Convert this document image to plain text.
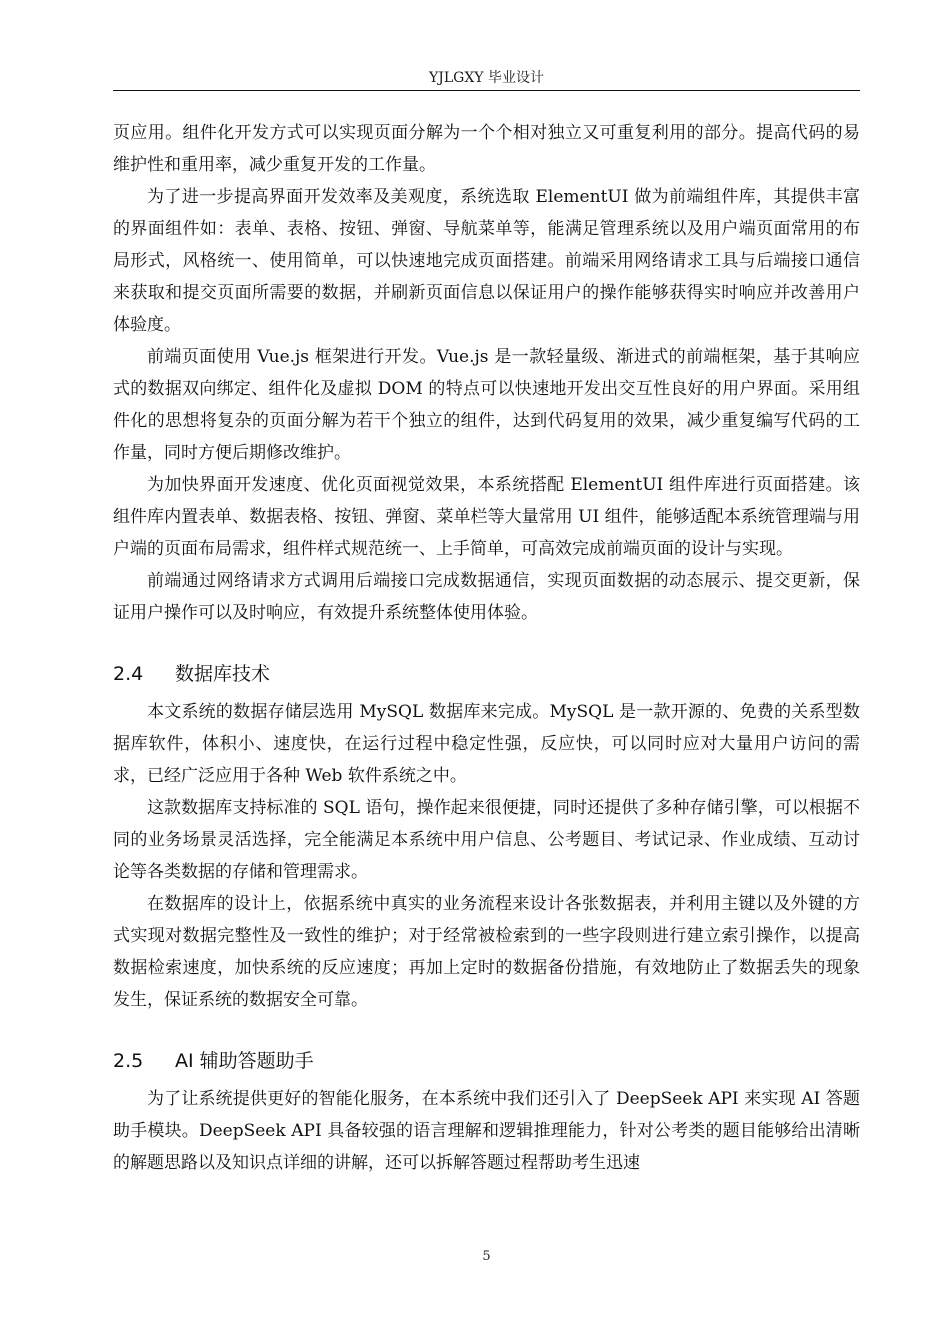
YJLGXY 毕业设计

页应用。组件化开发方式可以实现页面分解为一个个相对独立又可重复利用的部分。提高代码的易维护性和重用率，减少重复开发的工作量。

为了进一步提高界面开发效率及美观度，系统选取 ElementUI 做为前端组件库，其提供丰富的界面组件如：表单、表格、按钮、弹窗、导航菜单等，能满足管理系统以及用户端页面常用的布局形式，风格统一、使用简单，可以快速地完成页面搭建。前端采用网络请求工具与后端接口通信来获取和提交页面所需要的数据，并刷新页面信息以保证用户的操作能够获得实时响应并改善用户体验度。

前端页面使用 Vue.js 框架进行开发。Vue.js 是一款轻量级、渐进式的前端框架，基于其响应式的数据双向绑定、组件化及虚拟 DOM 的特点可以快速地开发出交互性良好的用户界面。采用组件化的思想将复杂的页面分解为若干个独立的组件，达到代码复用的效果，减少重复编写代码的工作量，同时方便后期修改维护。

为加快界面开发速度、优化页面视觉效果，本系统搭配 ElementUI 组件库进行页面搭建。该组件库内置表单、数据表格、按钮、弹窗、菜单栏等大量常用 UI 组件，能够适配本系统管理端与用户端的页面布局需求，组件样式规范统一、上手简单，可高效完成前端页面的设计与实现。

前端通过网络请求方式调用后端接口完成数据通信，实现页面数据的动态展示、提交更新，保证用户操作可以及时响应，有效提升系统整体使用体验。

2.4	数据库技术

本文系统的数据存储层选用 MySQL 数据库来完成。MySQL 是一款开源的、免费的关系型数据库软件，体积小、速度快，在运行过程中稳定性强，反应快，可以同时应对大量用户访问的需求，已经广泛应用于各种 Web 软件系统之中。

这款数据库支持标准的 SQL 语句，操作起来很便捷，同时还提供了多种存储引擎，可以根据不同的业务场景灵活选择，完全能满足本系统中用户信息、公考题目、考试记录、作业成绩、互动讨论等各类数据的存储和管理需求。

在数据库的设计上，依据系统中真实的业务流程来设计各张数据表，并利用主键以及外键的方式实现对数据完整性及一致性的维护；对于经常被检索到的一些字段则进行建立索引操作，以提高数据检索速度，加快系统的反应速度；再加上定时的数据备份措施，有效地防止了数据丢失的现象发生，保证系统的数据安全可靠。

2.5	AI 辅助答题助手

为了让系统提供更好的智能化服务，在本系统中我们还引入了 DeepSeek API 来实现 AI 答题助手模块。DeepSeek API 具备较强的语言理解和逻辑推理能力，针对公考类的题目能够给出清晰的解题思路以及知识点详细的讲解，还可以拆解答题过程帮助考生迅速

5
